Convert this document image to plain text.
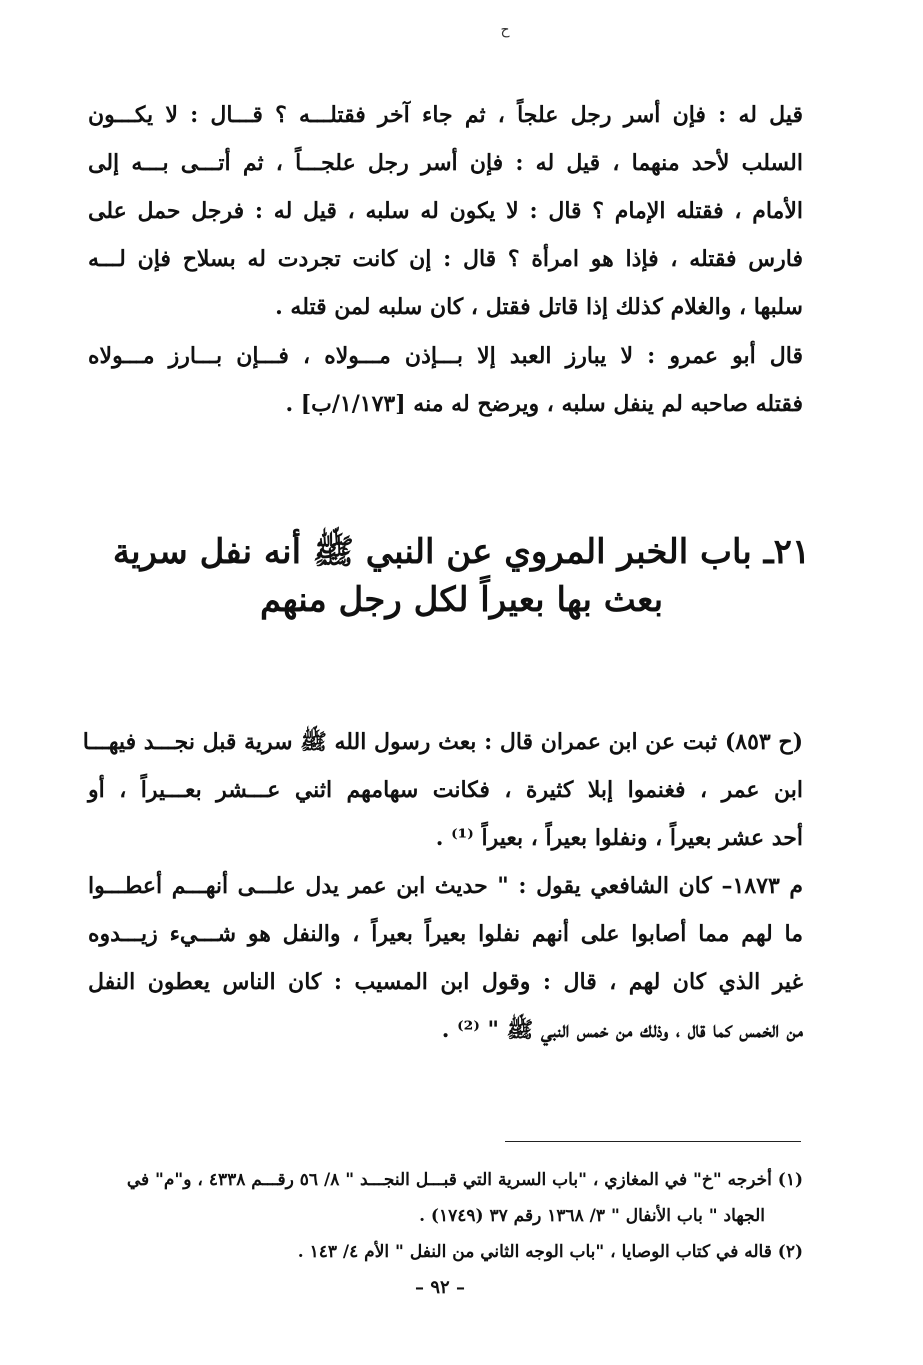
ح
قيل له : فإن أسر رجل علجاً ، ثم جاء آخر فقتلـــه ؟ قـــال : لا يكـــون
السلب لأحد منهما ، قيل له : فإن أسر رجل علجـــاً ، ثم أتـــى بـــه إلى
الأمام ، فقتله الإمام ؟ قال : لا يكون له سلبه ، قيل له : فرجل حمل على
فارس فقتله ، فإذا هو امرأة ؟ قال : إن كانت تجردت له بسلاح فإن لـــه
سلبها ، والغلام كذلك إذا قاتل فقتل ، كان سلبه لمن قتله .
قال أبو عمرو : لا يبارز العبد إلا بـــإذن مـــولاه ، فـــإن بـــارز مـــولاه
فقتله صاحبه لم ينفل سلبه ، ويرضح له منه [١/١٧٣/ب] .
٢١ـ باب الخبر المروي عن النبي ﷺ أنه نفل سرية
بعث بها بعيراً لكل رجل منهم
(ح ٨٥٣) ثبت عن ابن عمران قال : بعث رسول الله ﷺ سرية قبل نجـــد فيهـــا
ابن عمر ، فغنموا إبلا كثيرة ، فكانت سهامهم اثني عـــشر بعـــيراً ، أو
أحد عشر بعيراً ، ونفلوا بعيراً ، بعيراً ⁽¹⁾ .
م ١٨٧٣– كان الشافعي يقول : " حديث ابن عمر يدل علـــى أنهـــم أعطـــوا
ما لهم مما أصابوا على أنهم نفلوا بعيراً بعيراً ، والنفل هو شـــيء زيـــدوه
غير الذي كان لهم ، قال : وقول ابن المسيب : كان الناس يعطون النفل
من الخمس كما قال ، وذلك من خمس النبي ﷺ " ⁽²⁾ .
(١) أخرجه "خ" في المغازي ، "باب السرية التي قبـــل النجـــد " ٨/ ٥٦ رقـــم ٤٣٣٨ ، و"م" في
الجهاد " باب الأنفال " ٣/ ١٣٦٨ رقم ٣٧ (١٧٤٩) .
(٢) قاله في كتاب الوصايا ، "باب الوجه الثاني من النفل " الأم ٤/ ١٤٣ .
– ٩٢ –
